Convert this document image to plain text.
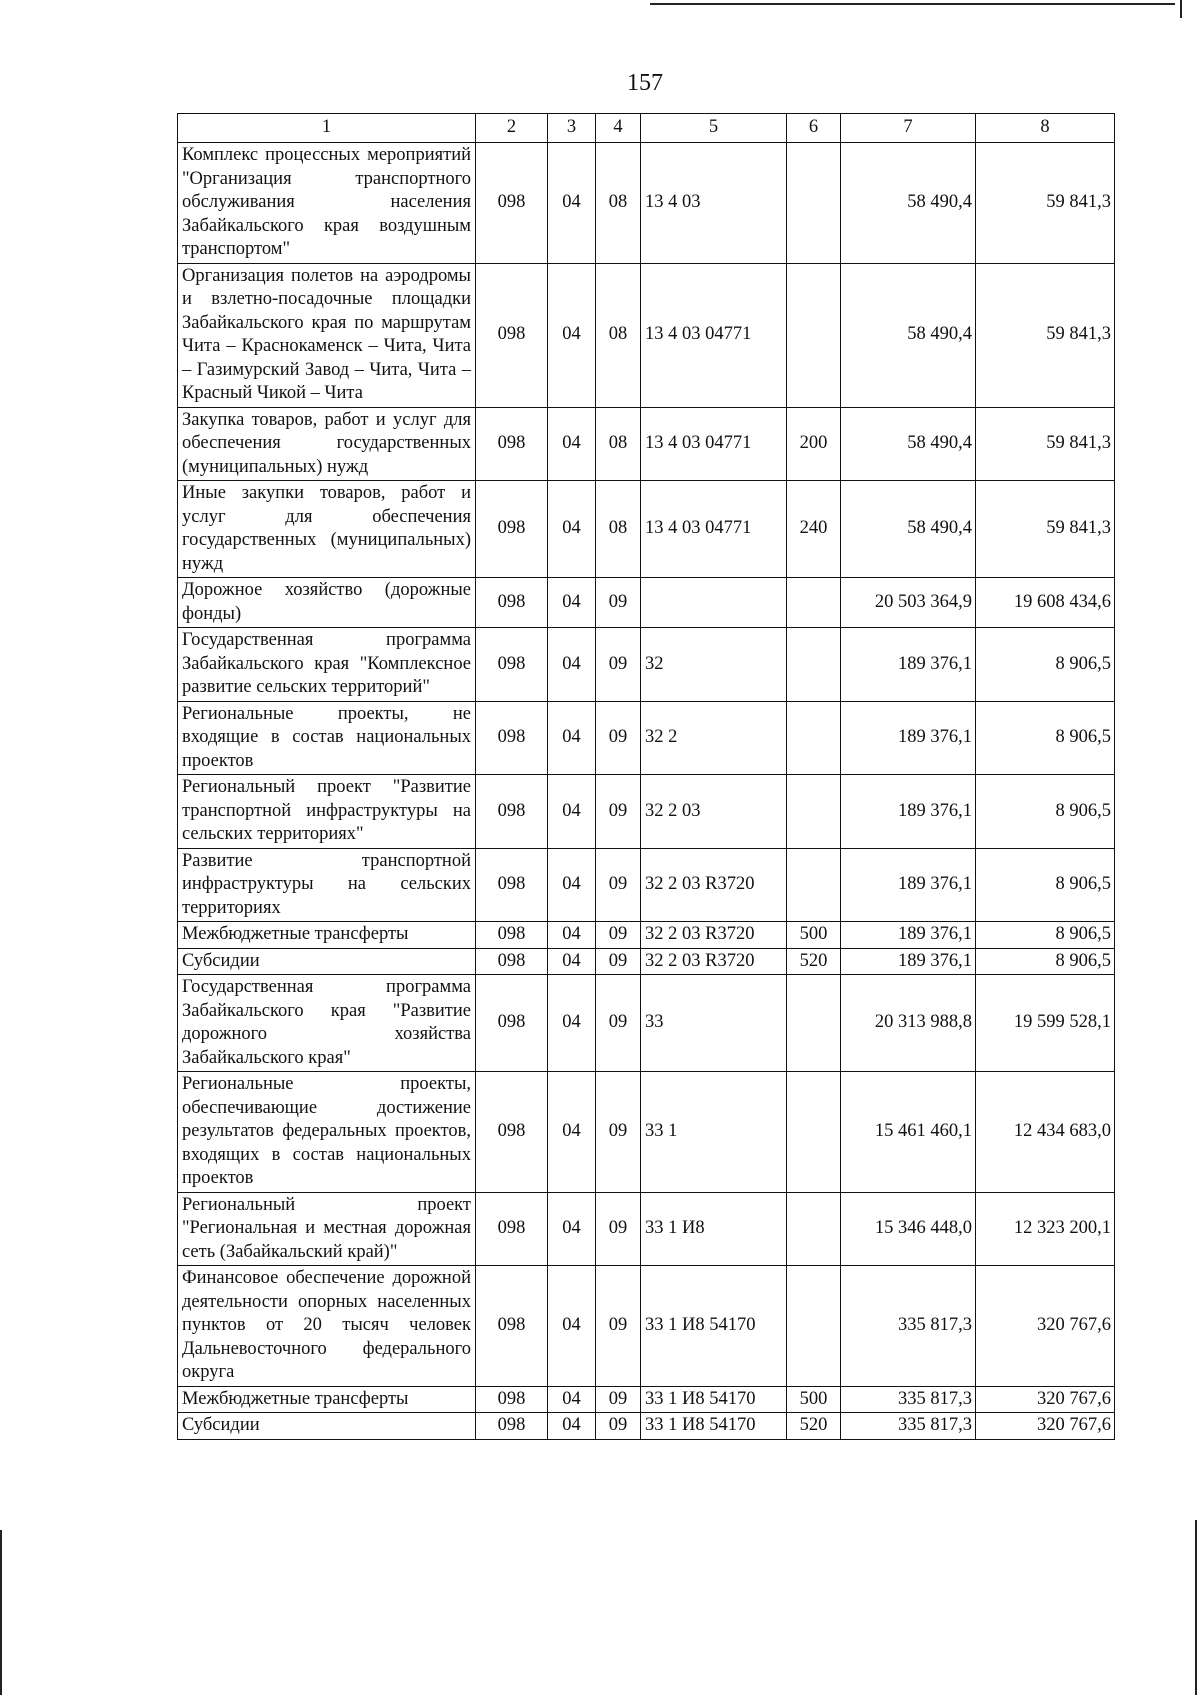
157
1	2	3	4	5	6	7	8
Комплекс процессных мероприятий "Организация транспортного обслуживания населения Забайкальского края воздушным транспортом"	098	04	08	13 4 03		58 490,4	59 841,3
Организация полетов на аэродромы и взлетно-посадочные площадки Забайкальского края по маршрутам Чита – Краснокаменск – Чита, Чита – Газимурский Завод – Чита, Чита – Красный Чикой – Чита	098	04	08	13 4 03 04771		58 490,4	59 841,3
Закупка товаров, работ и услуг для обеспечения государственных (муниципальных) нужд	098	04	08	13 4 03 04771	200	58 490,4	59 841,3
Иные закупки товаров, работ и услуг для обеспечения государственных (муниципальных) нужд	098	04	08	13 4 03 04771	240	58 490,4	59 841,3
Дорожное хозяйство (дорожные фонды)	098	04	09			20 503 364,9	19 608 434,6
Государственная программа Забайкальского края "Комплексное развитие сельских территорий"	098	04	09	32		189 376,1	8 906,5
Региональные проекты, не входящие в состав национальных проектов	098	04	09	32 2		189 376,1	8 906,5
Региональный проект "Развитие транспортной инфраструктуры на сельских территориях"	098	04	09	32 2 03		189 376,1	8 906,5
Развитие транспортной инфраструктуры на сельских территориях	098	04	09	32 2 03 R3720		189 376,1	8 906,5
Межбюджетные трансферты	098	04	09	32 2 03 R3720	500	189 376,1	8 906,5
Субсидии	098	04	09	32 2 03 R3720	520	189 376,1	8 906,5
Государственная программа Забайкальского края "Развитие дорожного хозяйства Забайкальского края"	098	04	09	33		20 313 988,8	19 599 528,1
Региональные проекты, обеспечивающие достижение результатов федеральных проектов, входящих в состав национальных проектов	098	04	09	33 1		15 461 460,1	12 434 683,0
Региональный проект "Региональная и местная дорожная сеть (Забайкальский край)"	098	04	09	33 1 И8		15 346 448,0	12 323 200,1
Финансовое обеспечение дорожной деятельности опорных населенных пунктов от 20 тысяч человек Дальневосточного федерального округа	098	04	09	33 1 И8 54170		335 817,3	320 767,6
Межбюджетные трансферты	098	04	09	33 1 И8 54170	500	335 817,3	320 767,6
Субсидии	098	04	09	33 1 И8 54170	520	335 817,3	320 767,6
